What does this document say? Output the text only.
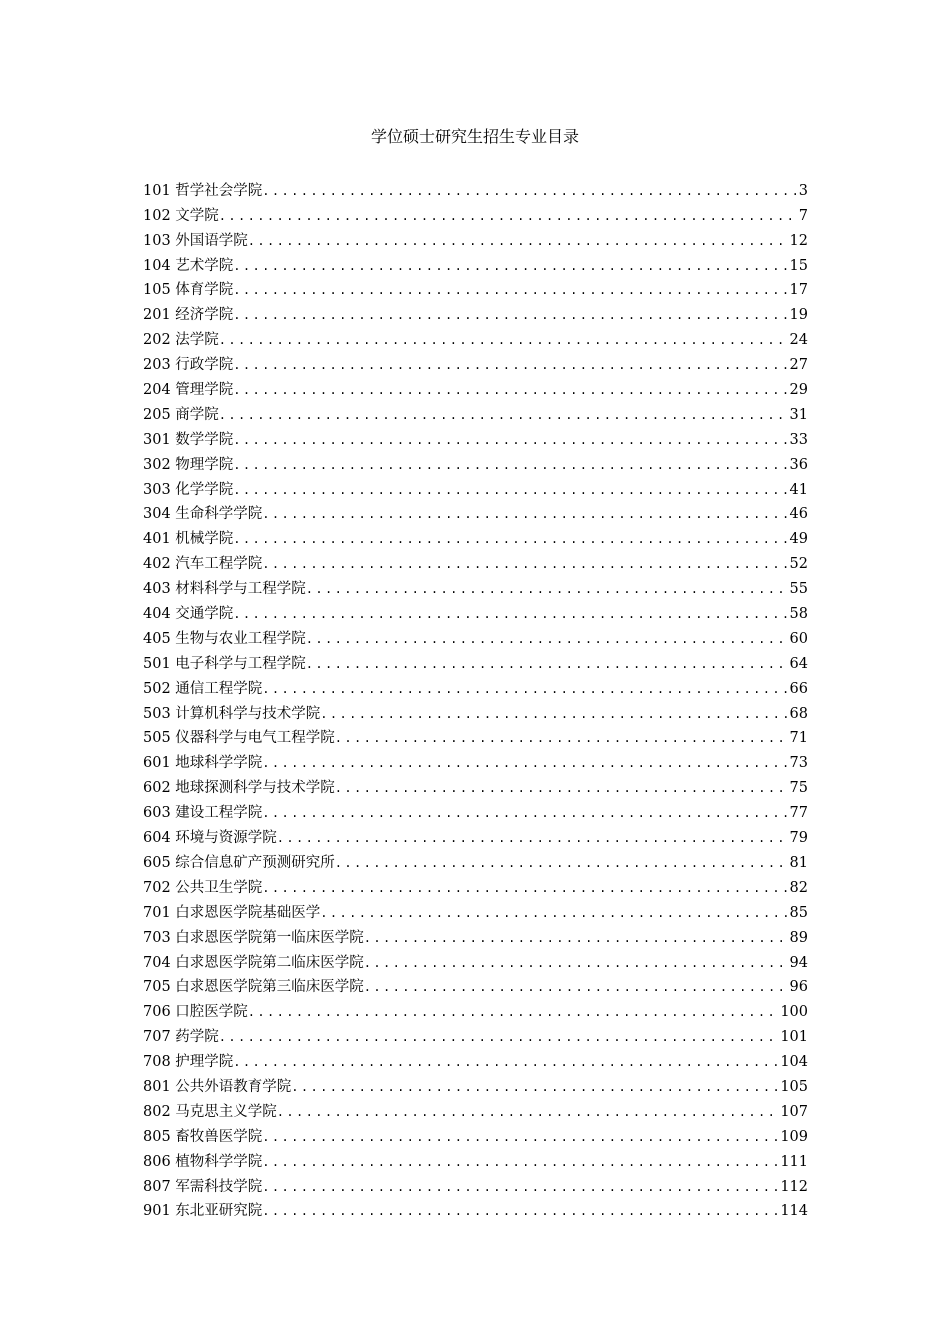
学位硕士研究生招生专业目录
101 哲学社会学院 .....	3
102 文学院 .....	7
103 外国语学院 .....	12
104 艺术学院 .....	15
105 体育学院 .....	17
201 经济学院 .....	19
202 法学院 .....	24
203 行政学院 .....	27
204 管理学院 .....	29
205 商学院 .....	31
301 数学学院 .....	33
302 物理学院 .....	36
303 化学学院 .....	41
304 生命科学学院 .....	46
401 机械学院 .....	49
402 汽车工程学院 .....	52
403 材料科学与工程学院 .....	55
404 交通学院 .....	58
405 生物与农业工程学院 .....	60
501 电子科学与工程学院 .....	64
502 通信工程学院 .....	66
503 计算机科学与技术学院 .....	68
505 仪器科学与电气工程学院 .....	71
601 地球科学学院 .....	73
602 地球探测科学与技术学院 .....	75
603 建设工程学院 .....	77
604 环境与资源学院 .....	79
605 综合信息矿产预测研究所 .....	81
702 公共卫生学院 .....	82
701 白求恩医学院基础医学 .....	85
703 白求恩医学院第一临床医学院 .....	89
704 白求恩医学院第二临床医学院 .....	94
705 白求恩医学院第三临床医学院 .....	96
706 口腔医学院 .....	100
707 药学院 .....	101
708 护理学院 .....	104
801 公共外语教育学院 .....	105
802 马克思主义学院 .....	107
805 畜牧兽医学院 .....	109
806 植物科学学院 .....	111
807 军需科技学院 .....	112
901 东北亚研究院 .....	114
